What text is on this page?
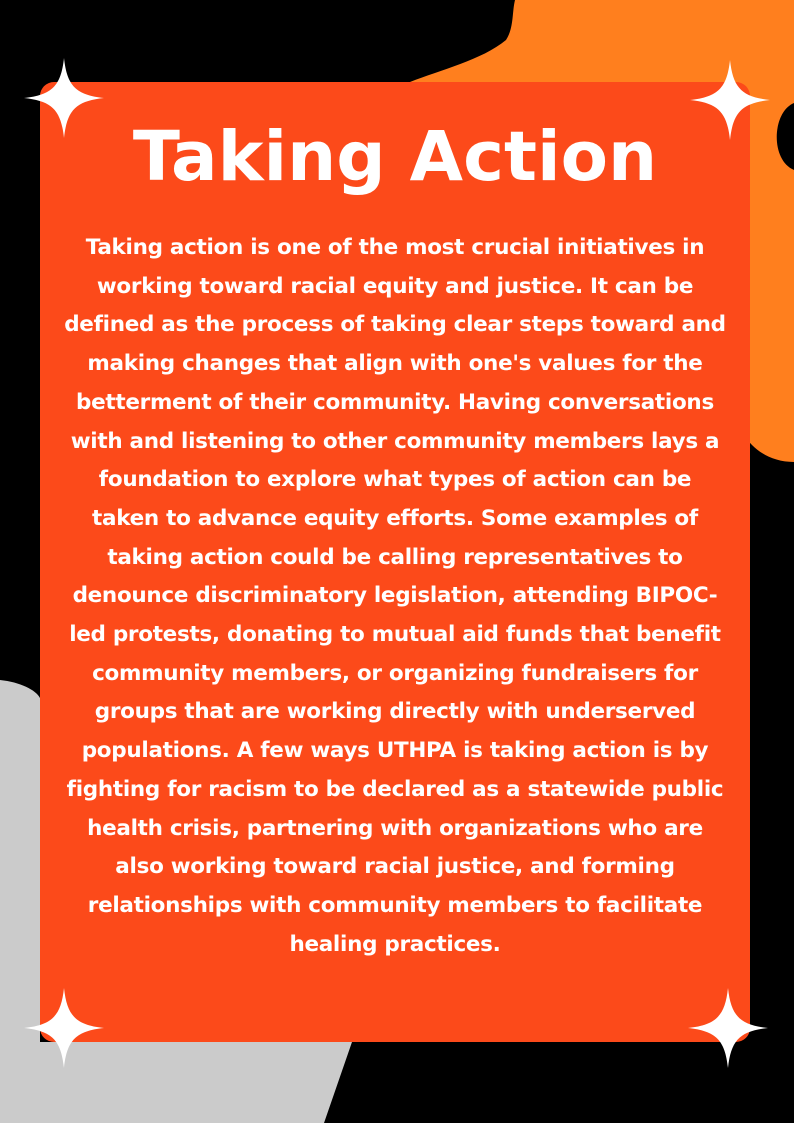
Taking Action

Taking action is one of the most crucial initiatives in working toward racial equity and justice. It can be defined as the process of taking clear steps toward and making changes that align with one's values for the betterment of their community. Having conversations with and listening to other community members lays a foundation to explore what types of action can be taken to advance equity efforts. Some examples of taking action could be calling representatives to denounce discriminatory legislation, attending BIPOC-led protests, donating to mutual aid funds that benefit community members, or organizing fundraisers for groups that are working directly with underserved populations. A few ways UTHPA is taking action is by fighting for racism to be declared as a statewide public health crisis, partnering with organizations who are also working toward racial justice, and forming relationships with community members to facilitate healing practices.
